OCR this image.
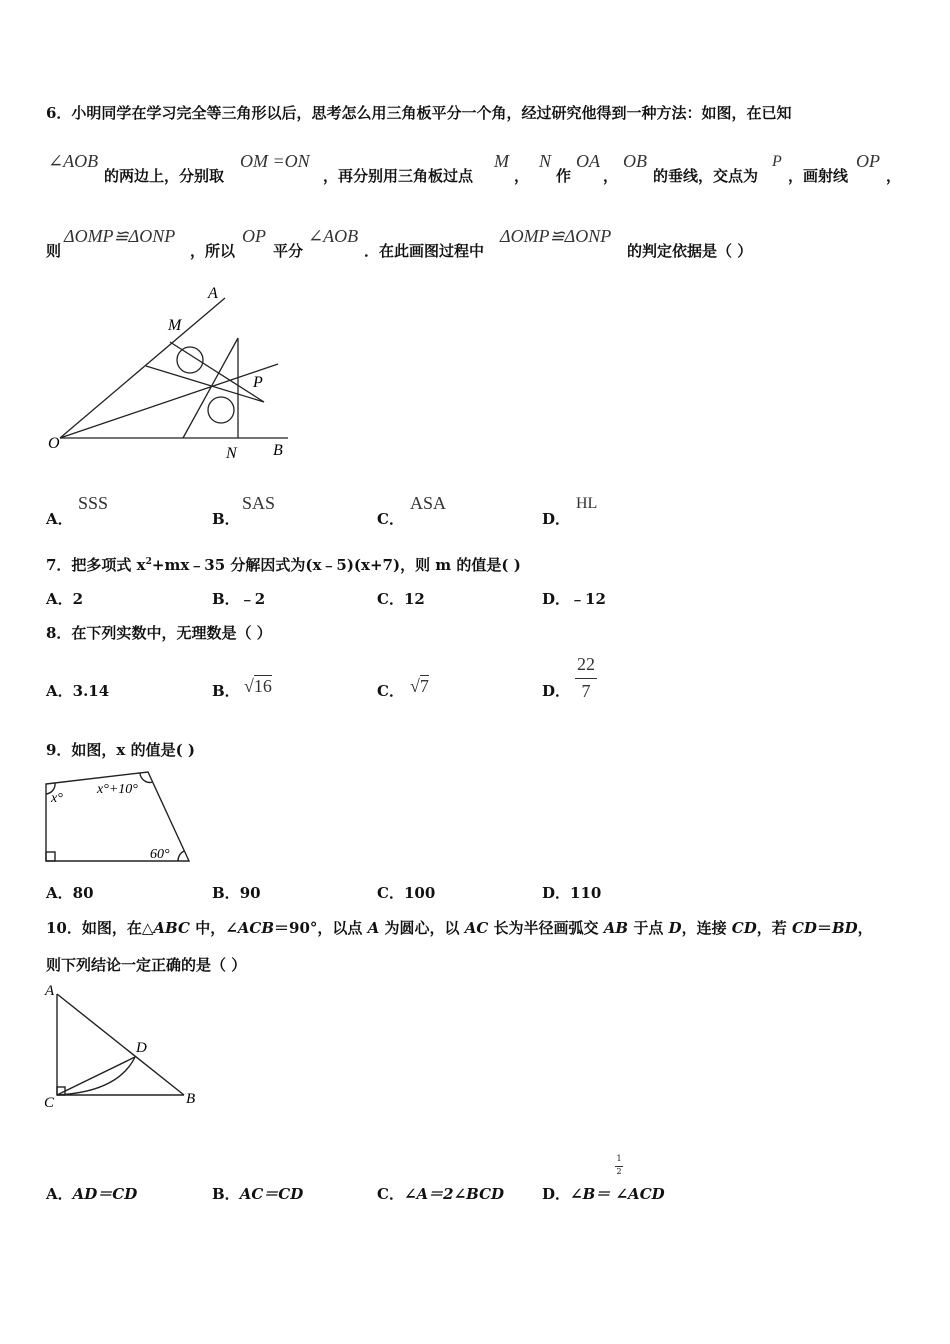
6．小明同学在学习完全等三角形以后，思考怎么用三角板平分一个角，经过研究他得到一种方法：如图，在已知
∠AOB
的两边上，分别取
OM =ON
，再分别用三角板过点
M
，
N
作
OA
，
OB
的垂线，交点为
P
，画射线
OP
，
则
ΔOMP≌ΔONP
，所以
OP
平分
∠AOB
．在此画图过程中
ΔOMP≌ΔONP
的判定依据是（ ）
A
M
P
O
N B
A．
SSS
B．
SAS
C．
ASA
D．
HL
7．把多项式 $x^2+mx﹣35$ 分解因式为(x﹣5)(x+7)，则 m 的值是( )
A．2	B．﹣2	C．12	D．﹣12
8．在下列实数中，无理数是（ ）
A．3.14	B． √16	C． √7	D．
22
7
9．如图，x 的值是( )
x°
x°+10°
60°
A．80	B．90	C．100	D．110
10．如图，在△ABC 中，∠ACB＝90°，以点 A 为圆心，以 AC 长为半径画弧交 AB 于点 D，连接 CD，若 CD＝BD，
则下列结论一定正确的是（ ）
A
D
C	B
A．AD＝CD	B．AC＝CD	C．∠A＝2∠BCD	D．∠B＝ ∠ACD
1
2
